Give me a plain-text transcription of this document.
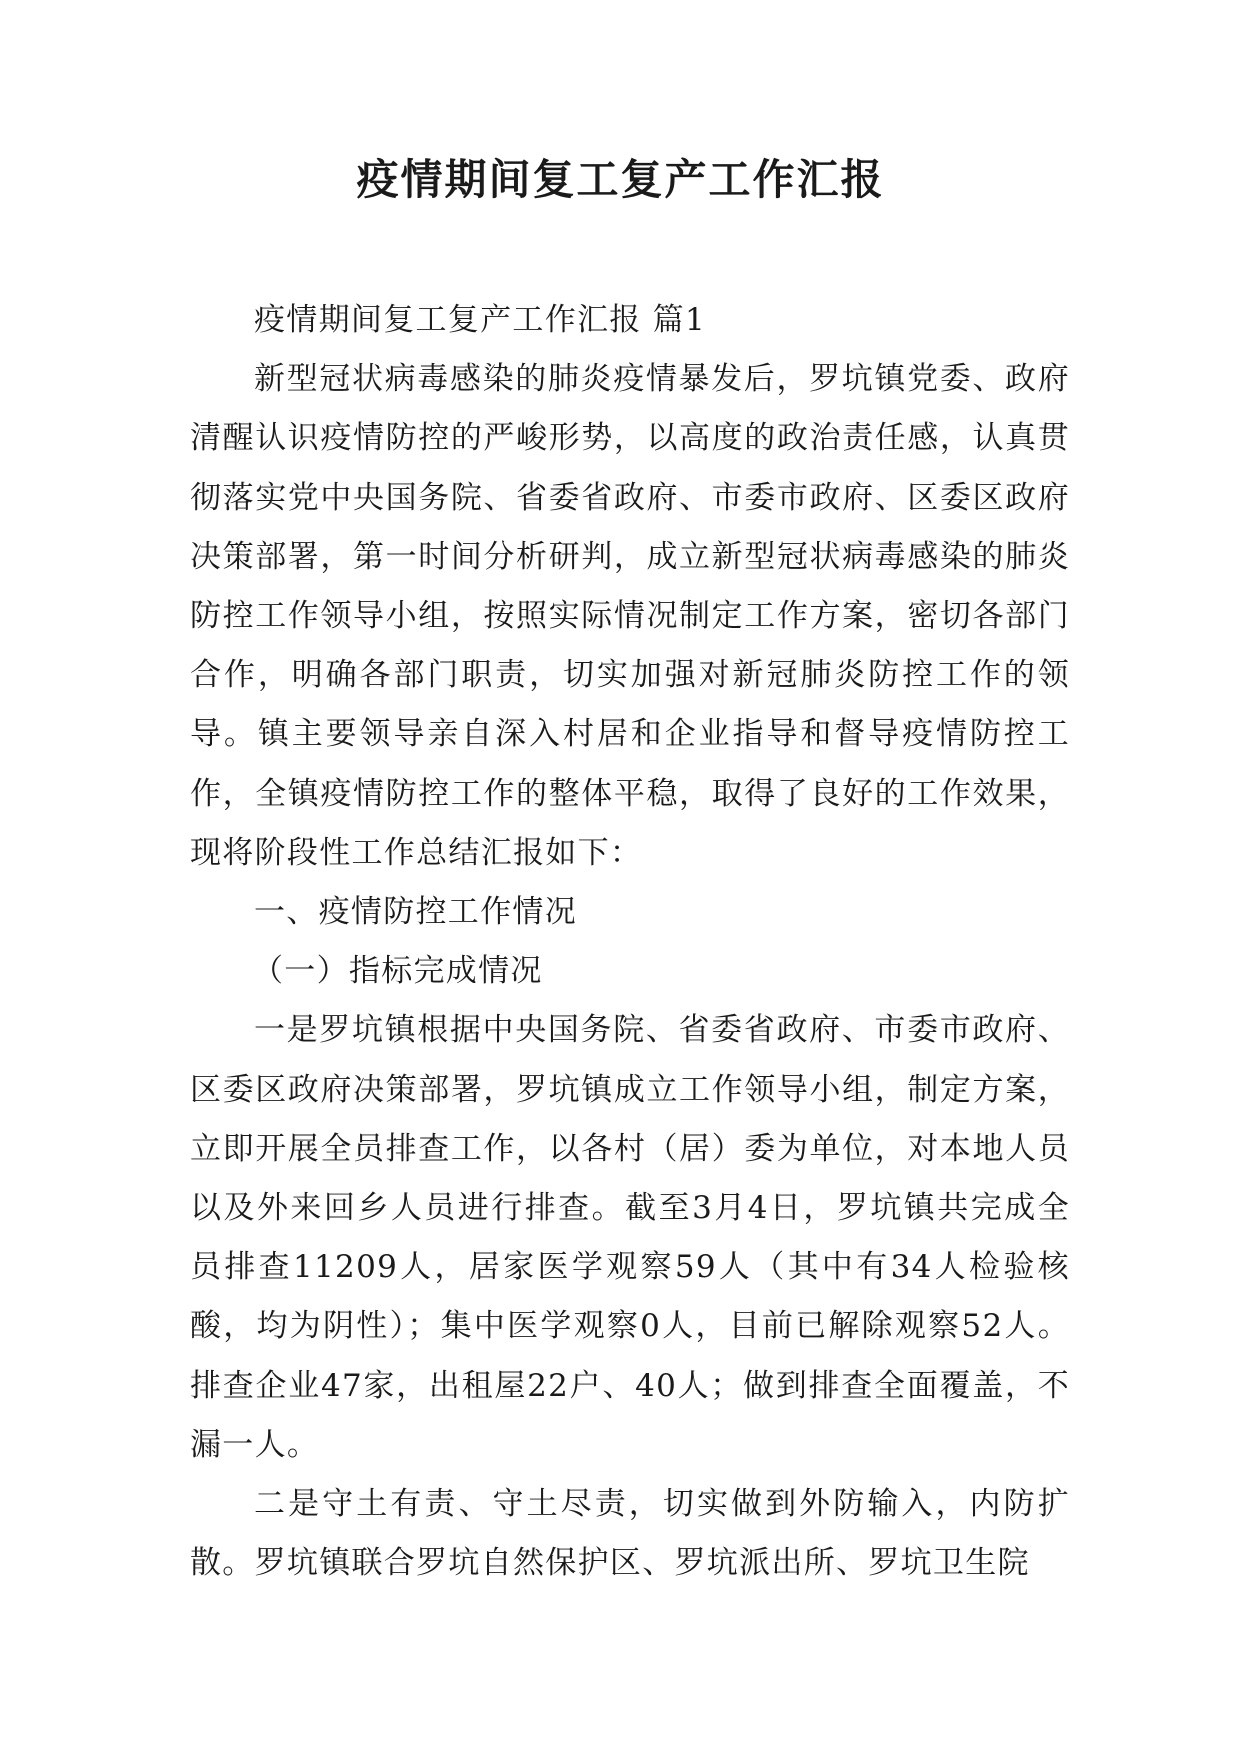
疫情期间复工复产工作汇报

疫情期间复工复产工作汇报 篇1

新型冠状病毒感染的肺炎疫情暴发后，罗坑镇党委、政府清醒认识疫情防控的严峻形势，以高度的政治责任感，认真贯彻落实党中央国务院、省委省政府、市委市政府、区委区政府决策部署，第一时间分析研判，成立新型冠状病毒感染的肺炎防控工作领导小组，按照实际情况制定工作方案，密切各部门合作，明确各部门职责，切实加强对新冠肺炎防控工作的领导。镇主要领导亲自深入村居和企业指导和督导疫情防控工作，全镇疫情防控工作的整体平稳，取得了良好的工作效果，现将阶段性工作总结汇报如下：

一、疫情防控工作情况

（一）指标完成情况

一是罗坑镇根据中央国务院、省委省政府、市委市政府、区委区政府决策部署，罗坑镇成立工作领导小组，制定方案，立即开展全员排查工作，以各村（居）委为单位，对本地人员以及外来回乡人员进行排查。截至3月4日，罗坑镇共完成全员排查11209人，居家医学观察59人（其中有34人检验核酸，均为阴性）；集中医学观察0人，目前已解除观察52人。排查企业47家，出租屋22户、40人；做到排查全面覆盖，不漏一人。

二是守土有责、守土尽责，切实做到外防输入，内防扩散。罗坑镇联合罗坑自然保护区、罗坑派出所、罗坑卫生院
